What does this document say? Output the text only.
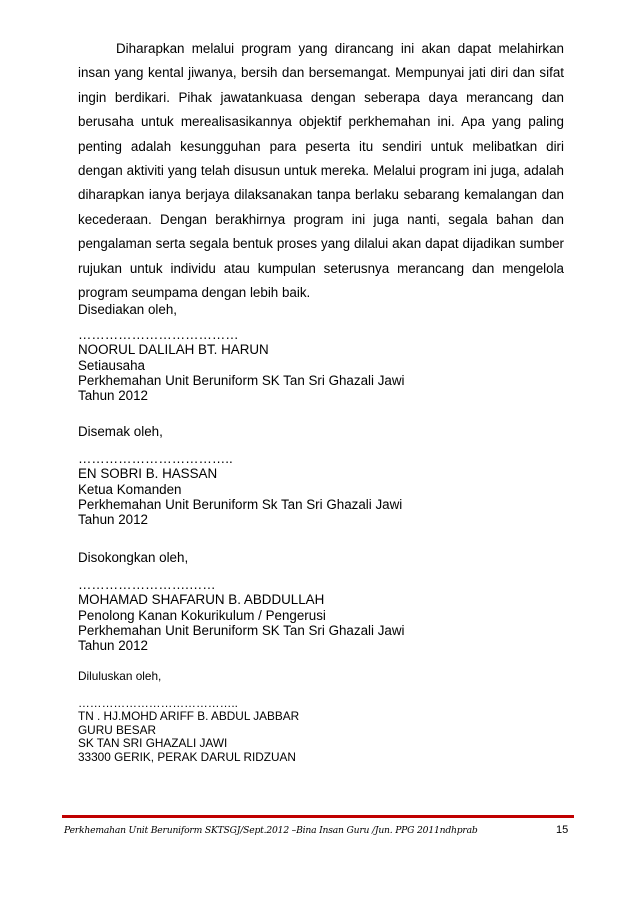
Diharapkan melalui program yang dirancang ini akan dapat melahirkan insan yang kental jiwanya, bersih dan bersemangat. Mempunyai jati diri dan sifat ingin berdikari. Pihak jawatankuasa dengan seberapa daya merancang dan berusaha untuk merealisasikannya objektif perkhemahan ini. Apa yang paling penting adalah kesungguhan para peserta itu sendiri untuk melibatkan diri dengan aktiviti yang telah disusun untuk mereka. Melalui program ini juga, adalah diharapkan ianya berjaya dilaksanakan tanpa berlaku sebarang kemalangan dan kecederaan. Dengan berakhirnya program ini juga nanti, segala bahan dan pengalaman serta segala bentuk proses yang dilalui akan dapat dijadikan sumber rujukan untuk individu atau kumpulan seterusnya merancang dan mengelola program seumpama dengan lebih baik.

Disediakan oleh,
………………………………
NOORUL DALILAH BT. HARUN
Setiausaha
Perkhemahan Unit Beruniform SK Tan Sri Ghazali Jawi
Tahun 2012
Disemak oleh,
……………………………..
EN SOBRI B. HASSAN
Ketua Komanden
Perkhemahan Unit Beruniform Sk Tan Sri Ghazali Jawi
Tahun 2012
Disokongkan oleh,
…………………….……
MOHAMAD SHAFARUN B. ABDDULLAH
Penolong Kanan Kokurikulum / Pengerusi
Perkhemahan Unit Beruniform SK Tan Sri Ghazali Jawi
Tahun 2012
Diluluskan oleh,
…………………………………..
TN . HJ.MOHD ARIFF B. ABDUL JABBAR
GURU BESAR
SK TAN SRI GHAZALI JAWI
33300 GERIK, PERAK DARUL RIDZUAN
Perkhemahan Unit Beruniform SKTSGJ/Sept.2012 –Bina Insan Guru /Jun. PPG 2011ndhprab	15
